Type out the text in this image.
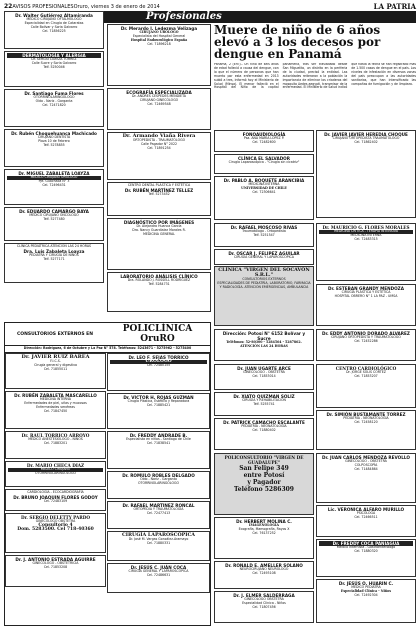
22 AVISOS PROFESIONALES Oruro, viernes 3 de enero de 2014	LA PATRIA
Profesionales
Dr. Walter Gutiérrez Altamiranda
MÉDICO CIRUJANO OFTALMÓLOGO
Especialidad en Cirugía de Cataratas
Calle Bolívar y Soria Galvarro
Cel. 71856225
DERMATOLOGÍA Y ALERGIA
Dr. SERGIO LOAYZA TORREZ
Calle Sucre y Soria Galvarro
Telf. 5250046
Dr. Santiago Fuma Flores
OTORRINOLARINGÓLOGO
Oído - Nariz - Garganta
Cel. 72471820
Dr. Rubén Choquehuanca Machicado
CIRUJANO DENTISTA
Plaza 10 de Febrero
Telf. 5278855
Dr. MIGUEL ZABALETA LOAYZA
MÉDICO CIRUJANO UROLOGO
Pje. Guachalla N° 3
Cel. 72496431
Dr. EDUARDO CAMARGO BAYA
MÉDICO CIRUJANO ONCÓLOGO
Telf. 5277480
CLÍNICA PEDIÁTRICA ATENCIÓN LAS 24 HORAS
Dra. Luis Zabaleta Loayza
PEDIATRA Y CIRUGÍA DE NIÑOS
Telf. 5277171
Dr. Merardo I. Ledezma Velizaga
CIRUJANO UROLOGO
Especialista del Hospital General
Hospital Endourológico España
Cel. 71896218
ECOGRAFÍA ESPECIALIZADA
Dr. ANDRES CESPEDES MENDIETA
CIRUJANO GINECÓLOGO
Cel. 72469548
Dr. Armando Viaña Rivera
ORTOPEDISTA - TRAUMATÓLOGO
Calle Pagador N° 2022
Cel. 71891254
CENTRO DENTAL PLÁSTICA Y ESTÉTICA
Dr. RUBÉN MARTÍNEZ TELLEZ
Telf. 5273452
DIAGNÓSTICO POR IMÁGENES
Dr. Alejandro Huanca García
Dra. Nancy Guardialez Morales R.
MEDICINA GENERAL
LABORATORIO ANÁLISIS CLÍNICO
Dra. ROLANDO J. ROSSELL RODRÍGUEZ
Telf. 5284731
Muere de niño de 6 años elevó a 3 los decesos por dengue en Panamá
Panamá, 2 (EFE).- Un niño de seis años de edad falleció a causa del dengue, con lo que el número de personas que han muerto por esta enfermedad en 2013 subió a tres, informó hoy el Ministerio de Salud (Minsa). El menor falleció en el Hospital del Niño de la capital panameña, tras ser trasladado desde San Miguelito, un distrito en la periferia de la ciudad, precisó la entidad. Las autoridades reiteraron a la población la importancia de eliminar los criaderos del mosquito Aedes aegypti, transmisor de la enfermedad. El Ministerio de Salud indicó que hasta la fecha se han registrado más de 1.500 casos de dengue en el país. Los niveles de infestación en diversas zonas del país preocupan a las autoridades sanitarias, que han intensificado las campañas de fumigación y de limpieza.
FONOAUDIOLOGÍA
Psa. ANA MARÍA LOPEZ P.
Cel. 72482600
CLÍNICA EL SALVADOR
Cirugía Laparoscópica - "Cirugía sin cicatriz"
Dr. PABLO A. BOQUETE ARANCIBIA
MEDICINA INTERNA
UNIVERSIDAD DE CHILE
Cel. 72306641
Dr. JAVIER JAVIER HEREDIA CHOQUE
CIRUJANO ORTOPEDISTA TRAUMATÓLOGO
Cel. 71862402
Dr. RAFAEL MOSCOSO RIVAS
Traumatólogo - Ortopedista
Telf. 5251547
Dr. OSCAR J. FELIPEZ AGUILAR
CIRUGÍA GENERAL Y LAPAROSCÓPICA
Dr. MAURICIO G. FLORES MORALES
MEDICINA CRÍTICA - TERAPIA INTENSIVA
MEDICINA INTERNA
Cel. 72483315
CLÍNICA "VIRGEN DEL SOCAVÓN S.R.L."
CONSULTORIOS EXTERNOS
ESPECIALIDADES DE PEDIATRÍA, LABORATORIO, FARMACIA
Y RADIOLOGÍA. ATENCIÓN EMERGENCIAS, AMBULANCIA	Dr. ESTEBAN GRANDY MENDOZA
CIRUGÍA PLÁSTICA Y ESTÉTICA
HOSPITAL OBRERO N° 1 LA PAZ - UMSA
Dirección: Potosí N° 6152 Bolívar y Sucre
Teléfonos: 52-80300 - 5284564 - 5287862.
ATENCIÓN LAS 24 HORAS
Dr. EDDY ANTONIO DORADO ALVAREZ
CIRUJANO ORTOPEDISTA Y TRAUMATÓLOGO
Cel. 72452286
Dr. JUAN UGARTE ARCE
GINECÓLOGO - OBSTETRA
Cel. 71853014
Dr. XIATO QUIZMAN SOLIZ
CIRUGÍA Y REHABILITACIÓN
Telf. 5255741
Dr. PATRICK CAMACHO ESCALANTE
PEDIATRÍA - NEONATOLOGÍA
Cel. 71880402
CENTRO CARDIOLÓGICO
Dr. JORGE SOLIS CORTEZ
Cel. 71853207
Dr. SIMIÓN BUSTAMANTE TORREZ
PEDIATRÍA - NEONATOLOGÍA
Cel. 72458120
POLICONSULTORIO "VIRGEN DE GUADALUPE"
San Felipe 349
entre Potosí
y Pagador
Teléfono 5286309
Dr. HERBERT MOLINA C.
IMAGENOLOGÍA
Ecografía, Mamografía, Rayos X
Cel. 76137252
Dr. RONALD E. AMELLER SOLANO
NEUROCIRUJANO NEURÓLOGO
Cel. 72493108
Dr. J. ELMER SALDERRAGA
GINECÓLOGO OBSTETRA
Especialidad Clínica - Niños
Cel. 71807456
Dr. JUAN CARLOS MENDOZA REVOLLO
GINECÓLOGO - OBSTETRA
COLPOSCOPÍA
Cel. 71484864
Lic. VERONICA ALFARO MURILLO
PSICÓLOGA
Cel. 72466511
Dr. FREDDY COCA PANIAGUA
Médico Internista - Gastroenterólogo
Cel. 71880320
Dr. JESÚS O. HUARIN C.
MÉDICO PEDIATRA
Especialidad Clínica - Niños
Cel. 72492304
CONSULTORIOS EXTERNOS EN	POLICLÍNICA OruRO
Dirección: Rodríguez, 6 de Octubre y La Paz N° 578. Teléfonos: 5243671 - 5275962 - 5275400
Dr. JAVIER RUIZ BAREA
F.I.C.S.
Cirugía general y digestiva
Cel. 71855011
Dr. RUBÉN ZABALETA MASCARELLO
MEDICINA INTERNA
Enfermedades de piel, uñas y mucosas
Enfermedades venéreas
Cel. 71847450
Dr. RAUL TORRICO ARROYO
MÉDICO ANESTESIÓLOGO - NIÑOS
Cel. 71883201
Dr. MARIO CHECA DIAZ
MÉDICO CIRUJANO
OTORRINOLARINGÓLOGO
CARDIOLOGÍA - ECOCARDIOGRAFÍA
Dr. BRUNO JOAQUIN FLORES GODOY
Cel. 72483109
Dr. SERGIO DELETTY PARDO
GINECÓLOGO OBSTETRA
Consultorio 4
Dom. 5283500. Cel 718-40360
Dr. J. ANTONIO ESTRADA AGUIRRE
GINECÓLOGO - OBSTETRICIA
Cel. 71853208
Dr. LEO F. SEJAS TORRICO
UROLOGO
Cel. 72480155
Dr. VICTOR H. ROJAS GUZMAN
Cirugía Plástica, Estética y Reparadora
Cel. 71885421
Dr. FREDDY ANDRADE B.
Especialista en niños - Santiago de Chile
Cel. 71838541
Dr. ROMULO ROBLES DELGADO
Oído - Nariz - Garganta
OTORRINOLARINGÓLOGO
Dr. RAFAEL MARTINEZ RONCAL
ORTOPEDIA Y TRAUMATOLOGÍA
Cel. 72477413
CIRUGÍA LAPAROSCÓPICA
Dr. José M. Vargas González-Aramayo
Cel. 71880331
Dr. JESÚS C. JUÁN COCA
CIRUGÍA GENERAL Y LAPAROSCÓPICA
Cel. 72486631
